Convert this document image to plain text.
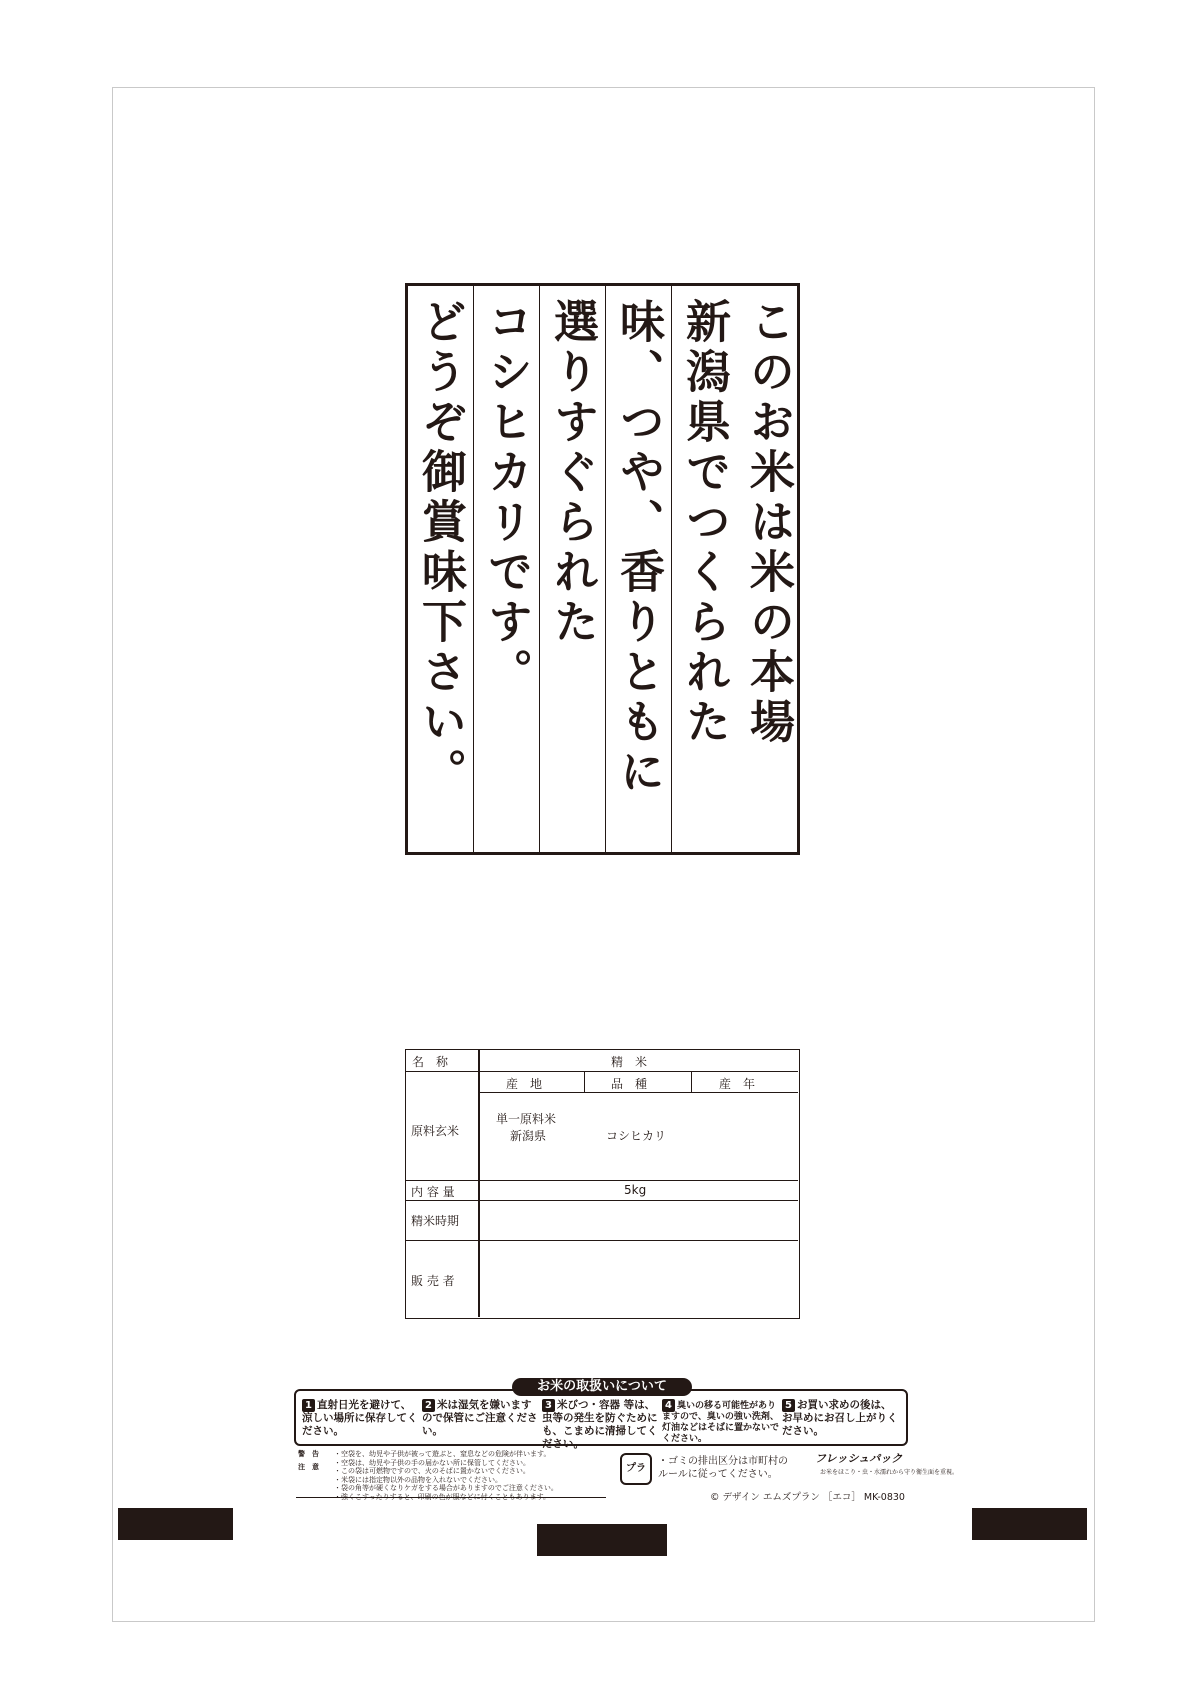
このお米は米の本場
新潟県でつくられた
味、つや、香りともに
選りすぐられた
コシヒカリです。
どうぞ御賞味下さい。
名　称	精　米
産　地	品　種	産　年
原料玄米
単一原料米
新潟県	コシヒカリ
内 容 量	5kg
精米時期
販 売 者
1 直射日光を避けて、涼しい場所に保存してください。
2 米は湿気を嫌いますので保管にご注意ください。
3 米びつ・容器 等は、虫等の発生を防ぐためにも、こまめに清掃してください。
4 臭いの移る可能性がありますので、臭いの強い洗剤、灯油などはそばに置かないでください。
5 お買い求めの後は、お早めにお召し上がりください。
お米の取扱いについて
警　告
注　意
・空袋を、幼児や子供が被って遊ぶと、窒息などの危険が伴います。
・空袋は、幼児や子供の手の届かない所に保管してください。
・この袋は可燃物ですので、火のそばに置かないでください。
・米袋には指定物以外の品物を入れないでください。
・袋の角等が硬くなりケガをする場合がありますのでご注意ください。
・強くこすったりすると、印刷の色が服などに付くこともあります。
プラ
・ゴミの排出区分は市町村のルールに従ってください。
フレッシュパック
お米をほこり・虫・水濡れから守り衛生面を重視。
© デザイン エムズプラン ［エコ］ MK-0830
